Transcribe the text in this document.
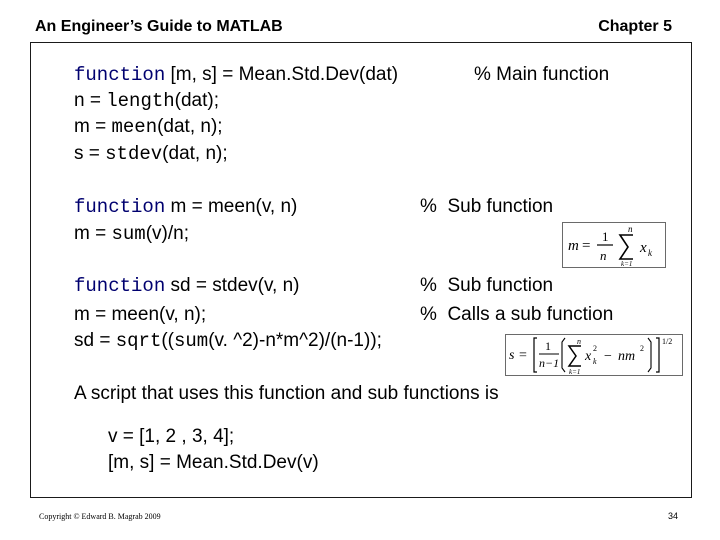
An Engineer’s Guide to MATLAB	Chapter 5
function [m, s] = Mean.Std.Dev(dat)	% Main function
n = length(dat);
m = meen(dat, n);
s = stdev(dat, n);
function m = meen(v, n)	%  Sub function
m = sum(v)/n;
m =
1
n
n
k=1
x k
function sd = stdev(v, n)	%  Sub function
m = meen(v, n);	%  Calls a sub function
sd = sqrt((sum(v. ^2)-n*m^2)/(n-1));
s =
1
n−1
n
k=1
x
2
k − nm
2
1/2
A script that uses this function and sub functions is
v = [1, 2 , 3, 4];
[m, s] = Mean.Std.Dev(v)
Copyright © Edward B. Magrab 2009	34
